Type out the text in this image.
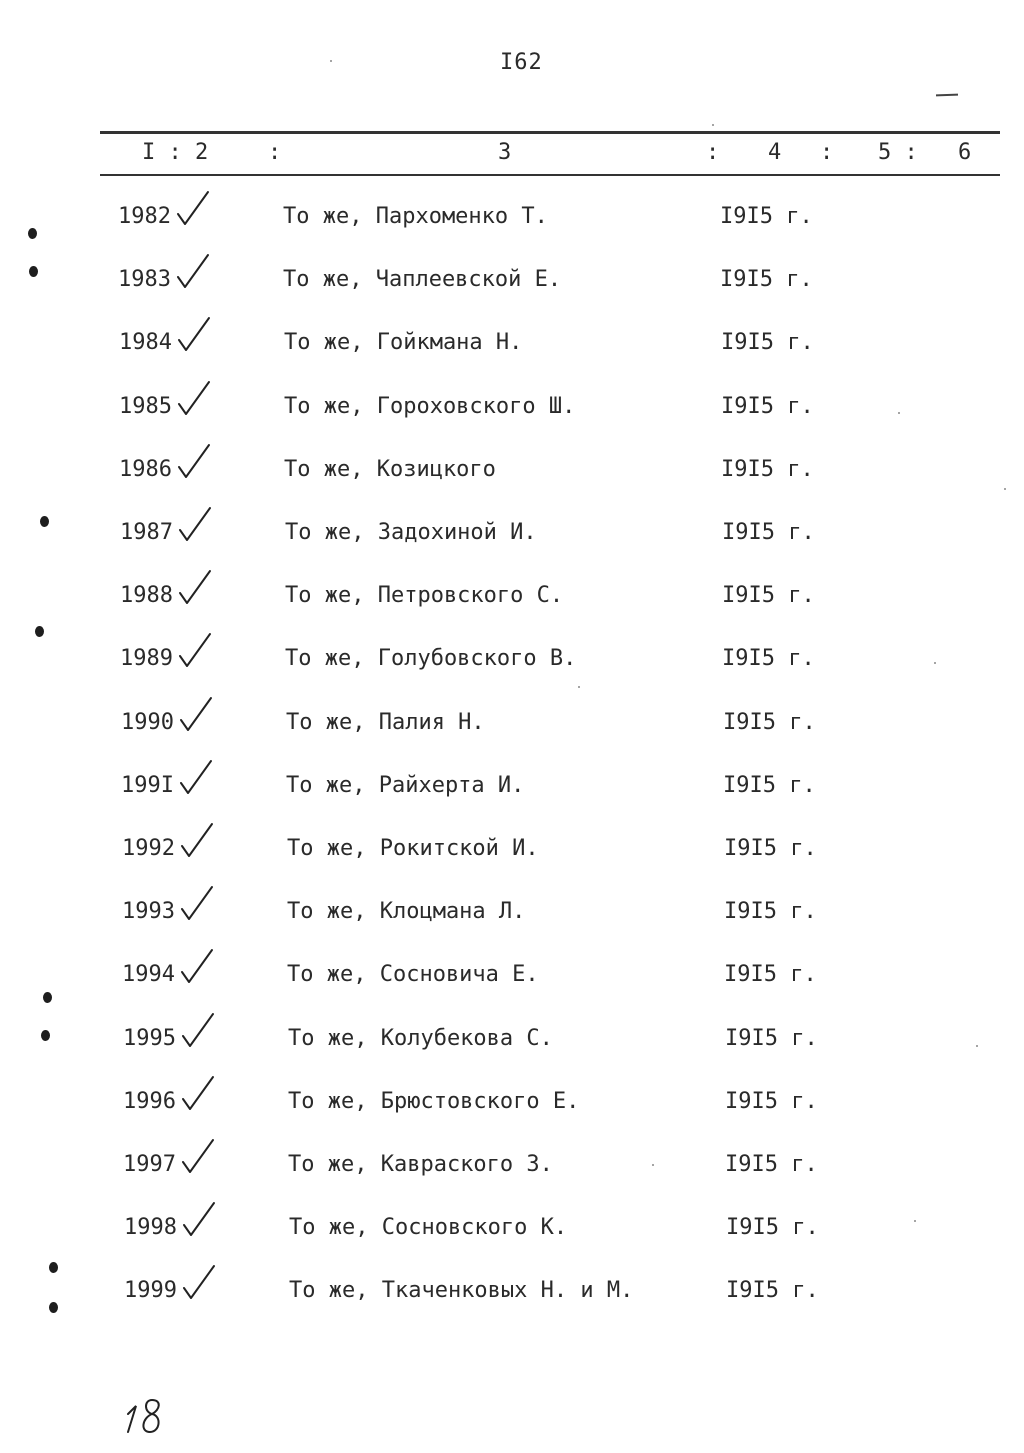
I62
I : 2	:	3	: 4 : 5 : 6
1982	То же, Пархоменко Т.	I9I5 г.
1983	То же, Чаплеевской Е.	I9I5 г.
1984	То же, Гойкмана Н.	I9I5 г.
1985	То же, Гороховского Ш.	I9I5 г.
1986	То же, Козицкого	I9I5 г.
1987	То же, Задохиной И.	I9I5 г.
1988	То же, Петровского С.	I9I5 г.
1989	То же, Голубовского В.	I9I5 г.
1990	То же, Палия Н.	I9I5 г.
199I	То же, Райхерта И.	I9I5 г.
1992	То же, Рокитской И.	I9I5 г.
1993	То же, Клоцмана Л.	I9I5 г.
1994	То же, Сосновича Е.	I9I5 г.
1995	То же, Колубекова С.	I9I5 г.
1996	То же, Брюстовского Е.	I9I5 г.
1997	То же, Кавраского З.	I9I5 г.
1998	То же, Сосновского К.	I9I5 г.
1999	То же, Ткаченковых Н. и М.	I9I5 г.
